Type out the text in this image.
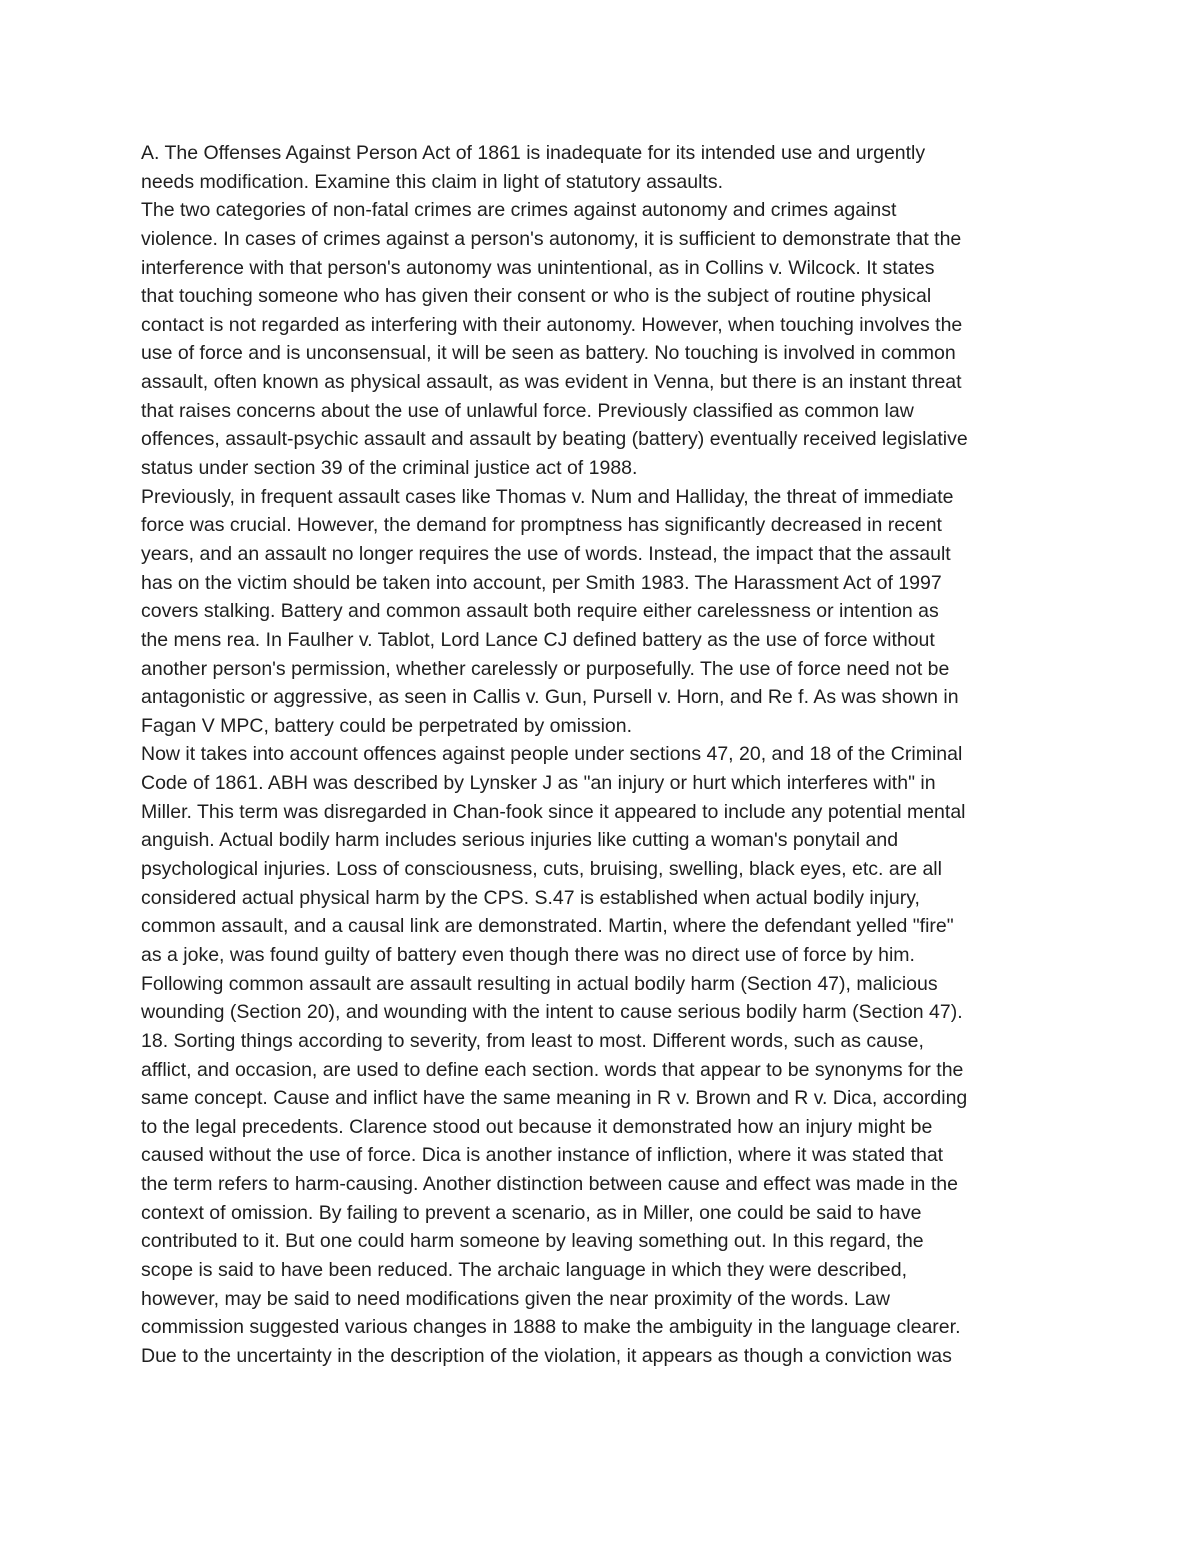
A. The Offenses Against Person Act of 1861 is inadequate for its intended use and urgently
needs modification. Examine this claim in light of statutory assaults.
The two categories of non-fatal crimes are crimes against autonomy and crimes against
violence. In cases of crimes against a person's autonomy, it is sufficient to demonstrate that the
interference with that person's autonomy was unintentional, as in Collins v. Wilcock. It states
that touching someone who has given their consent or who is the subject of routine physical
contact is not regarded as interfering with their autonomy. However, when touching involves the
use of force and is unconsensual, it will be seen as battery. No touching is involved in common
assault, often known as physical assault, as was evident in Venna, but there is an instant threat
that raises concerns about the use of unlawful force. Previously classified as common law
offences, assault-psychic assault and assault by beating (battery) eventually received legislative
status under section 39 of the criminal justice act of 1988.
Previously, in frequent assault cases like Thomas v. Num and Halliday, the threat of immediate
force was crucial. However, the demand for promptness has significantly decreased in recent
years, and an assault no longer requires the use of words. Instead, the impact that the assault
has on the victim should be taken into account, per Smith 1983. The Harassment Act of 1997
covers stalking. Battery and common assault both require either carelessness or intention as
the mens rea. In Faulher v. Tablot, Lord Lance CJ defined battery as the use of force without
another person's permission, whether carelessly or purposefully. The use of force need not be
antagonistic or aggressive, as seen in Callis v. Gun, Pursell v. Horn, and Re f. As was shown in
Fagan V MPC, battery could be perpetrated by omission.
Now it takes into account offences against people under sections 47, 20, and 18 of the Criminal
Code of 1861. ABH was described by Lynsker J as "an injury or hurt which interferes with" in
Miller. This term was disregarded in Chan-fook since it appeared to include any potential mental
anguish. Actual bodily harm includes serious injuries like cutting a woman's ponytail and
psychological injuries. Loss of consciousness, cuts, bruising, swelling, black eyes, etc. are all
considered actual physical harm by the CPS. S.47 is established when actual bodily injury,
common assault, and a causal link are demonstrated. Martin, where the defendant yelled "fire"
as a joke, was found guilty of battery even though there was no direct use of force by him.
Following common assault are assault resulting in actual bodily harm (Section 47), malicious
wounding (Section 20), and wounding with the intent to cause serious bodily harm (Section 47).
18. Sorting things according to severity, from least to most. Different words, such as cause,
afflict, and occasion, are used to define each section. words that appear to be synonyms for the
same concept. Cause and inflict have the same meaning in R v. Brown and R v. Dica, according
to the legal precedents. Clarence stood out because it demonstrated how an injury might be
caused without the use of force. Dica is another instance of infliction, where it was stated that
the term refers to harm-causing. Another distinction between cause and effect was made in the
context of omission. By failing to prevent a scenario, as in Miller, one could be said to have
contributed to it. But one could harm someone by leaving something out. In this regard, the
scope is said to have been reduced. The archaic language in which they were described,
however, may be said to need modifications given the near proximity of the words. Law
commission suggested various changes in 1888 to make the ambiguity in the language clearer.
Due to the uncertainty in the description of the violation, it appears as though a conviction was
